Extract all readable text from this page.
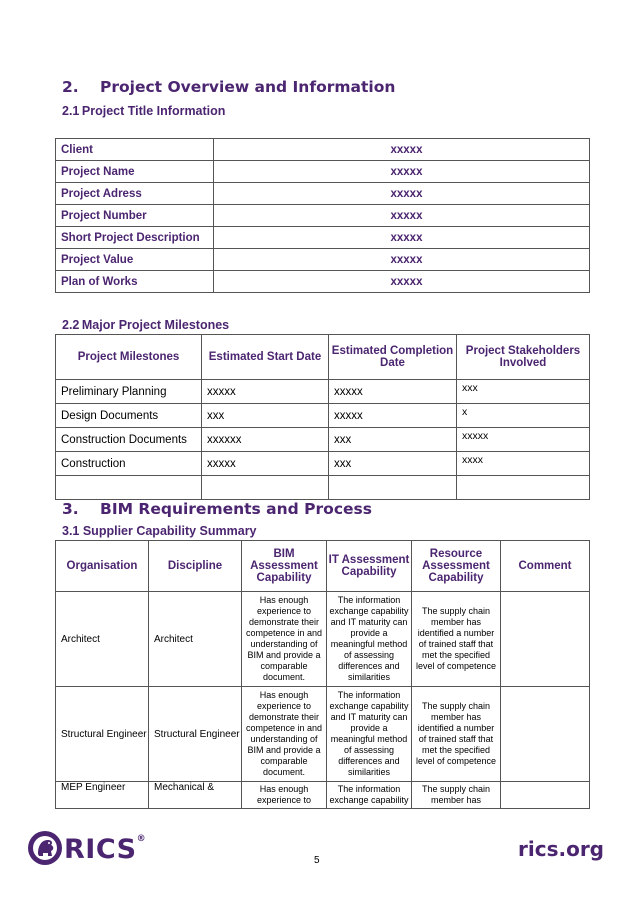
2. Project Overview and Information
2.1 Project Title Information
Client	xxxxx
Project Name	xxxxx
Project Adress	xxxxx
Project Number	xxxxx
Short Project Description	xxxxx
Project Value	xxxxx
Plan of Works	xxxxx
2.2 Major Project Milestones
Project Milestones	Estimated Start Date	Estimated Completion Date	Project Stakeholders Involved
Preliminary Planning	xxxxx	xxxxx	xxx
Design Documents	xxx	xxxxx	x
Construction Documents	xxxxxx	xxx	xxxxx
Construction	xxxxx	xxx	xxxx

3. BIM Requirements and Process
3.1 Supplier Capability Summary
Organisation	Discipline	BIM Assessment Capability	IT Assessment Capability	Resource Assessment Capability	Comment
Architect	Architect	Has enough experience to demonstrate their competence in and understanding of BIM and provide a comparable document.	The information exchange capability and IT maturity can provide a meaningful method of assessing differences and similarities	The supply chain member has identified a number of trained staff that met the specified level of competence	
Structural Engineer	Structural Engineer	Has enough experience to demonstrate their competence in and understanding of BIM and provide a comparable document.	The information exchange capability and IT maturity can provide a meaningful method of assessing differences and similarities	The supply chain member has identified a number of trained staff that met the specified level of competence	
MEP Engineer	Mechanical &	Has enough experience to	The information exchange capability	The supply chain member has	
RICS®
5	rics.org
